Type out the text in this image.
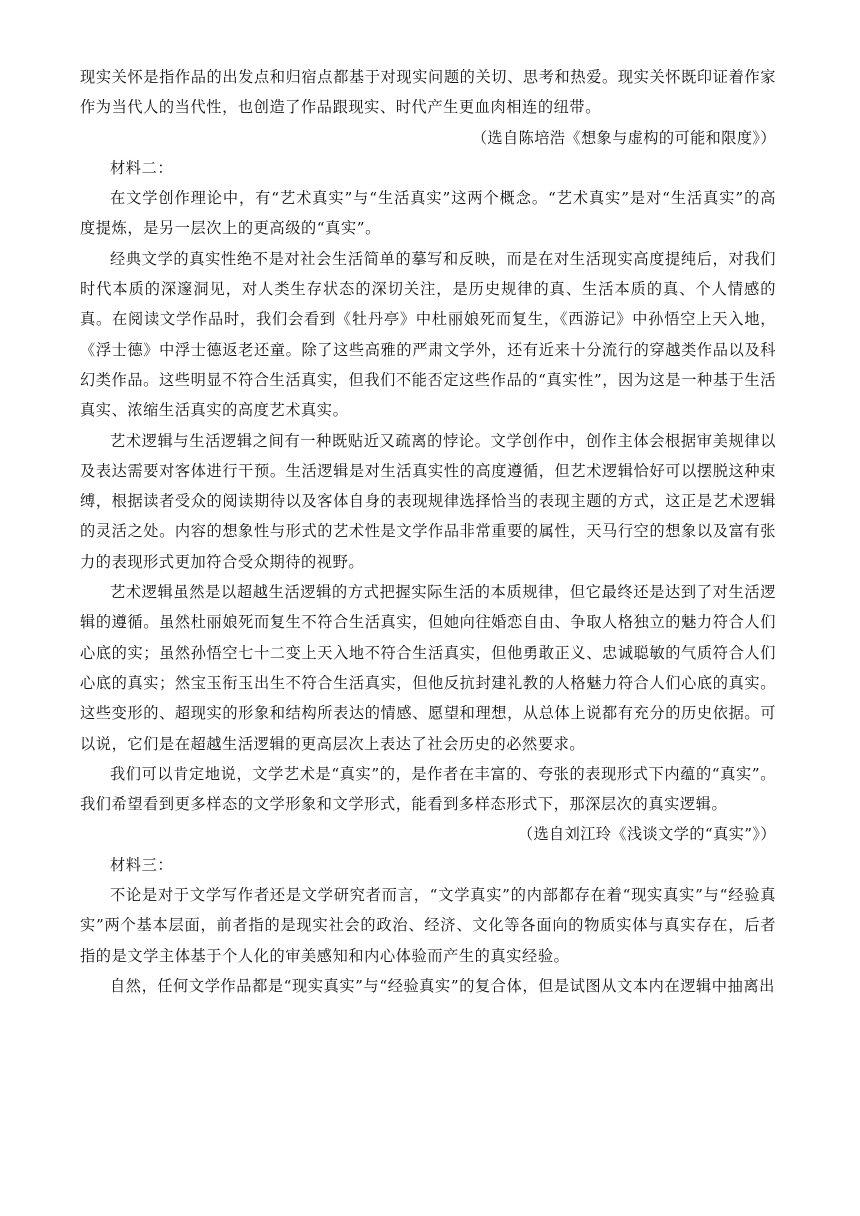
现实关怀是指作品的出发点和归宿点都基于对现实问题的关切、思考和热爱。现实关怀既印证着作家作为当代人的当代性，也创造了作品跟现实、时代产生更血肉相连的纽带。

（选自陈培浩《想象与虚构的可能和限度》）

材料二：

在文学创作理论中，有“艺术真实”与“生活真实”这两个概念。“艺术真实”是对“生活真实”的高度提炼，是另一层次上的更高级的“真实”。

经典文学的真实性绝不是对社会生活简单的摹写和反映，而是在对生活现实高度提纯后，对我们时代本质的深邃洞见，对人类生存状态的深切关注，是历史规律的真、生活本质的真、个人情感的真。在阅读文学作品时，我们会看到《牡丹亭》中杜丽娘死而复生，《西游记》中孙悟空上天入地，《浮士德》中浮士德返老还童。除了这些高雅的严肃文学外，还有近来十分流行的穿越类作品以及科幻类作品。这些明显不符合生活真实，但我们不能否定这些作品的“真实性”，因为这是一种基于生活真实、浓缩生活真实的高度艺术真实。

艺术逻辑与生活逻辑之间有一种既贴近又疏离的悖论。文学创作中，创作主体会根据审美规律以及表达需要对客体进行干预。生活逻辑是对生活真实性的高度遵循，但艺术逻辑恰好可以摆脱这种束缚，根据读者受众的阅读期待以及客体自身的表现规律选择恰当的表现主题的方式，这正是艺术逻辑的灵活之处。内容的想象性与形式的艺术性是文学作品非常重要的属性，天马行空的想象以及富有张力的表现形式更加符合受众期待的视野。

艺术逻辑虽然是以超越生活逻辑的方式把握实际生活的本质规律，但它最终还是达到了对生活逻辑的遵循。虽然杜丽娘死而复生不符合生活真实，但她向往婚恋自由、争取人格独立的魅力符合人们心底的实；虽然孙悟空七十二变上天入地不符合生活真实，但他勇敢正义、忠诚聪敏的气质符合人们心底的真实；然宝玉衔玉出生不符合生活真实，但他反抗封建礼教的人格魅力符合人们心底的真实。这些变形的、超现实的形象和结构所表达的情感、愿望和理想，从总体上说都有充分的历史依据。可以说，它们是在超越生活逻辑的更高层次上表达了社会历史的必然要求。

我们可以肯定地说，文学艺术是“真实”的，是作者在丰富的、夸张的表现形式下内蕴的“真实”。我们希望看到更多样态的文学形象和文学形式，能看到多样态形式下，那深层次的真实逻辑。

（选自刘江玲《浅谈文学的“真实”》）

材料三：

不论是对于文学写作者还是文学研究者而言，“文学真实”的内部都存在着“现实真实”与“经验真实”两个基本层面，前者指的是现实社会的政治、经济、文化等各面向的物质实体与真实存在，后者指的是文学主体基于个人化的审美感知和内心体验而产生的真实经验。

自然，任何文学作品都是“现实真实”与“经验真实”的复合体，但是试图从文本内在逻辑中抽离出
